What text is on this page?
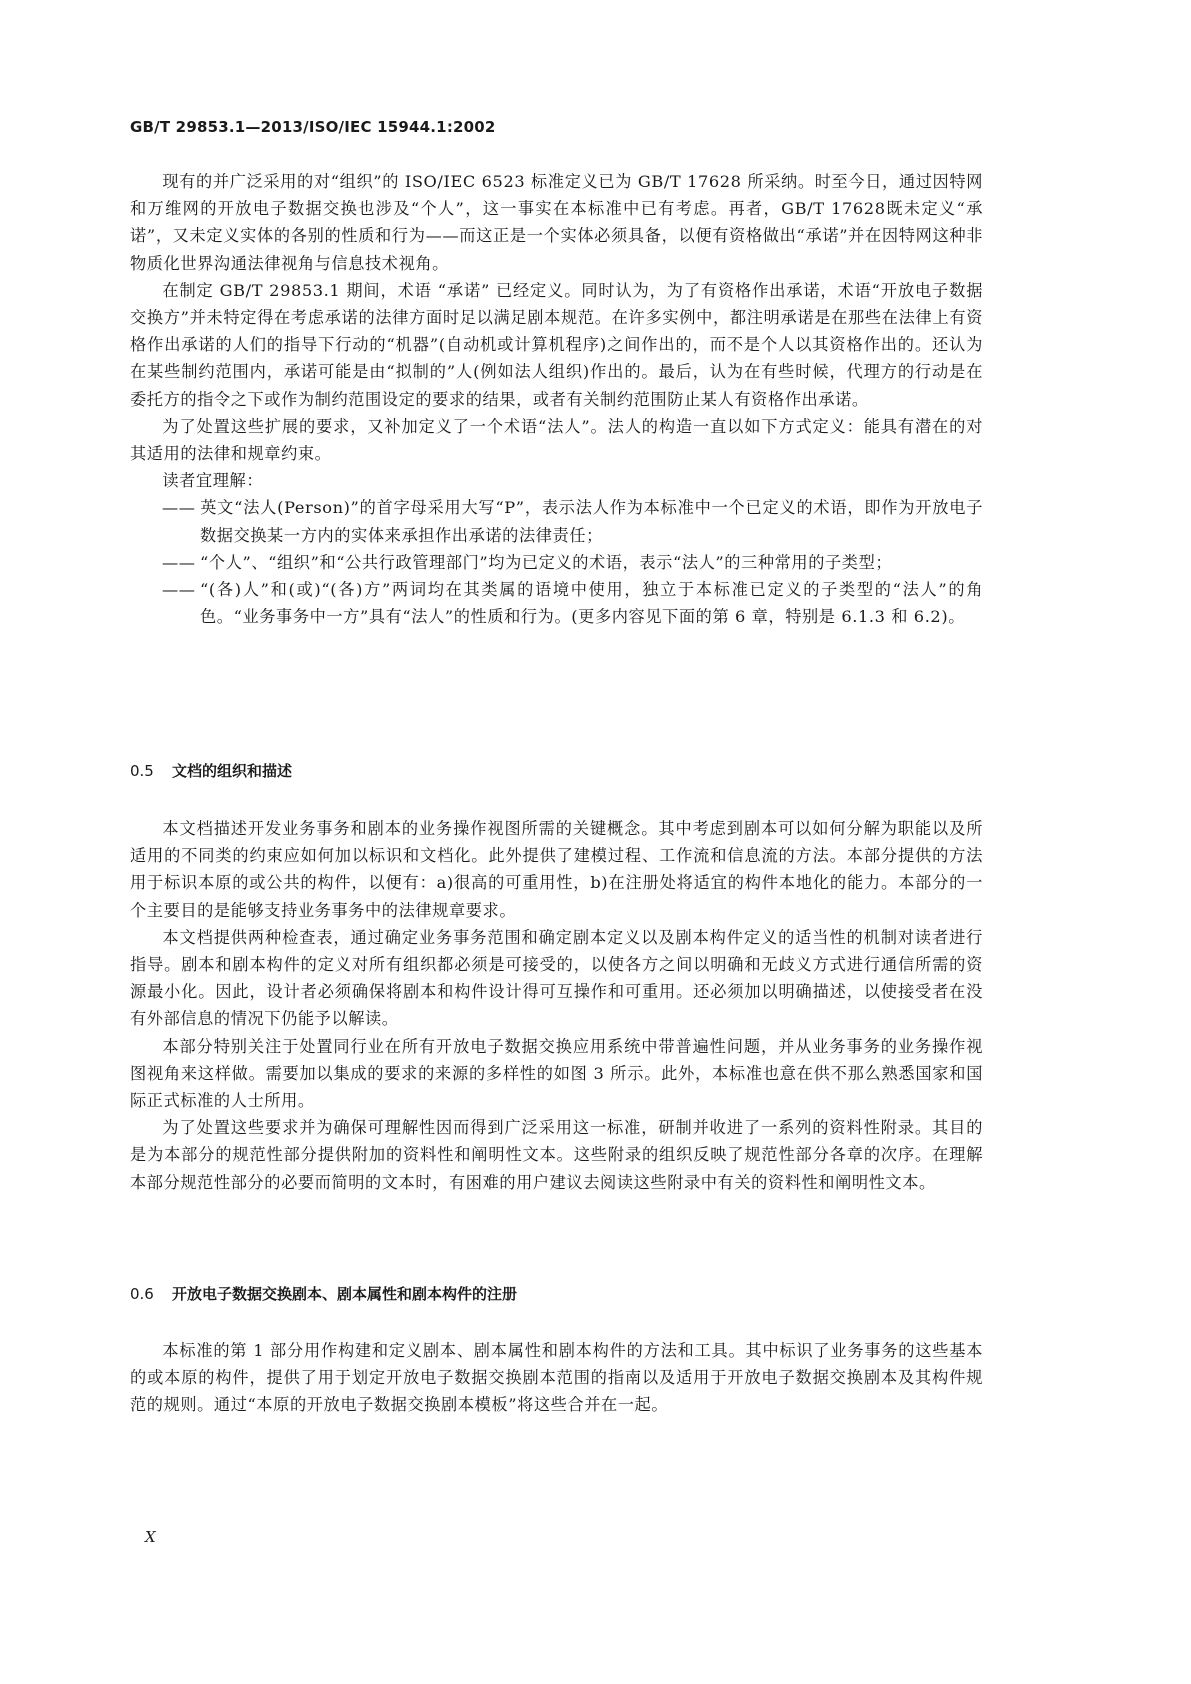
GB/T 29853.1—2013/ISO/IEC 15944.1:2002

现有的并广泛采用的对“组织”的 ISO/IEC 6523 标准定义已为 GB/T 17628 所采纳。时至今日，通过因特网和万维网的开放电子数据交换也涉及“个人”，这一事实在本标准中已有考虑。再者，GB/T 17628既未定义“承诺”，又未定义实体的各别的性质和行为——而这正是一个实体必须具备，以便有资格做出“承诺”并在因特网这种非物质化世界沟通法律视角与信息技术视角。

在制定 GB/T 29853.1 期间，术语 “承诺” 已经定义。同时认为，为了有资格作出承诺，术语“开放电子数据交换方”并未特定得在考虑承诺的法律方面时足以满足剧本规范。在许多实例中，都注明承诺是在那些在法律上有资格作出承诺的人们的指导下行动的“机器”(自动机或计算机程序)之间作出的，而不是个人以其资格作出的。还认为在某些制约范围内，承诺可能是由“拟制的”人(例如法人组织)作出的。最后，认为在有些时候，代理方的行动是在委托方的指令之下或作为制约范围设定的要求的结果，或者有关制约范围防止某人有资格作出承诺。

为了处置这些扩展的要求，又补加定义了一个术语“法人”。法人的构造一直以如下方式定义：能具有潜在的对其适用的法律和规章约束。

读者宜理解：

—— 英文“法人(Person)”的首字母采用大写“P”，表示法人作为本标准中一个已定义的术语，即作为开放电子数据交换某一方内的实体来承担作出承诺的法律责任；

—— “个人”、“组织”和“公共行政管理部门”均为已定义的术语，表示“法人”的三种常用的子类型；

—— “(各)人”和(或)“(各)方”两词均在其类属的语境中使用，独立于本标准已定义的子类型的“法人”的角色。“业务事务中一方”具有“法人”的性质和行为。(更多内容见下面的第 6 章，特别是 6.1.3 和 6.2)。

0.5 文档的组织和描述

本文档描述开发业务事务和剧本的业务操作视图所需的关键概念。其中考虑到剧本可以如何分解为职能以及所适用的不同类的约束应如何加以标识和文档化。此外提供了建模过程、工作流和信息流的方法。本部分提供的方法用于标识本原的或公共的构件，以便有：a)很高的可重用性，b)在注册处将适宜的构件本地化的能力。本部分的一个主要目的是能够支持业务事务中的法律规章要求。

本文档提供两种检查表，通过确定业务事务范围和确定剧本定义以及剧本构件定义的适当性的机制对读者进行指导。剧本和剧本构件的定义对所有组织都必须是可接受的，以使各方之间以明确和无歧义方式进行通信所需的资源最小化。因此，设计者必须确保将剧本和构件设计得可互操作和可重用。还必须加以明确描述，以使接受者在没有外部信息的情况下仍能予以解读。

本部分特别关注于处置同行业在所有开放电子数据交换应用系统中带普遍性问题，并从业务事务的业务操作视图视角来这样做。需要加以集成的要求的来源的多样性的如图 3 所示。此外，本标准也意在供不那么熟悉国家和国际正式标准的人士所用。

为了处置这些要求并为确保可理解性因而得到广泛采用这一标准，研制并收进了一系列的资料性附录。其目的是为本部分的规范性部分提供附加的资料性和阐明性文本。这些附录的组织反映了规范性部分各章的次序。在理解本部分规范性部分的必要而简明的文本时，有困难的用户建议去阅读这些附录中有关的资料性和阐明性文本。

0.6 开放电子数据交换剧本、剧本属性和剧本构件的注册

本标准的第 1 部分用作构建和定义剧本、剧本属性和剧本构件的方法和工具。其中标识了业务事务的这些基本的或本原的构件，提供了用于划定开放电子数据交换剧本范围的指南以及适用于开放电子数据交换剧本及其构件规范的规则。通过“本原的开放电子数据交换剧本模板”将这些合并在一起。

X
